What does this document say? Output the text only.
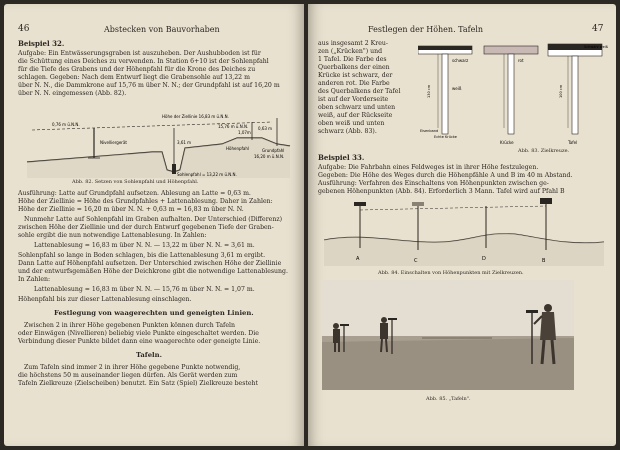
46	Abstecken von Bauvorhaben
Beispiel 32.
Aufgabe: Ein Entwässerungsgraben ist auszuheben. Der Aushubboden ist für
die Schüttung eines Deiches zu verwenden. In Station 6+10 ist der Sohlenpfahl
für die Tiefe des Grabens und der Höhenpfahl für die Krone des Deiches zu
schlagen. Gegeben: Nach dem Entwurf liegt die Grabensohle auf 13,22 m
über N. N., die Dammkrone auf 15,76 m über N. N.; der Grundpfahl ist auf 16,20 m
über N. N. eingemessen (Abb. 82).
Höhe der Ziellinie 16,83 m ü.N.N.
Nivelliergerät
0,76 m ü.N.N.
0,63 m
1,07m
3,61 m
Höhenpfahl
15,76 m ü.N.N.
Grundpfahl
16,20 m ü.N.N.
Sohlenpfahl = 13,22 m ü.N.N.
Abb. 82. Setzen von Sohlenpfahl und Höhenpfahl.
Ausführung: Latte auf Grundpfahl aufsetzen. Ablesung an Latte = 0,63 m.
Höhe der Ziellinie = Höhe des Grundpfahles + Lattenablesung. Daher in Zahlen:
Höhe der Ziellinie = 16,20 m über N. N. + 0,63 m = 16,83 m über N. N.
Nunmehr Latte auf Sohlenpfahl im Graben aufhalten. Der Unterschied (Differenz)
zwischen Höhe der Ziellinie und der durch Entwurf gegebenen Tiefe der Graben-
sohle ergibt die nun notwendige Lattenablesung. In Zahlen:
Lattenablesung = 16,83 m über N. N. — 13,22 m über N. N. = 3,61 m.
Sohlenpfahl so lange in Boden schlagen, bis die Lattenablesung 3,61 m ergibt.
Dann Latte auf Höhenpfahl aufsetzen. Der Unterschied zwischen Höhe der Ziellinie
und der entwurfsgemäßen Höhe der Deichkrone gibt die notwendige Lattenablesung.
In Zahlen:
Lattenablesung = 16,83 m über N. N. — 15,76 m über N. N. = 1,07 m.
Höhenpfahl bis zur dieser Lattenablesung einschlagen.
Festlegung von waagerechten und geneigten Linien.
Zwischen 2 in ihrer Höhe gegebenen Punkten können durch Tafeln
oder Einwägen (Nivellieren) beliebig viele Punkte eingeschaltet werden. Die
Verbindung dieser Punkte bildet dann eine waagerechte oder geneigte Linie.
Tafeln.
Zum Tafeln sind immer 2 in ihrer Höhe gegebene Punkte notwendig,
die höchstens 50 m auseinander liegen dürfen. Als Gerät werden zum
Tafeln Zielkreuze (Zielscheiben) benutzt. Ein Satz (Spiel) Zielkreuze besteht
Festlegen der Höhen. Tafeln	47
aus insgesamt 2 Kreu-
zen („Krücken") und
1 Tafel. Die Farbe des
Querbalkens der einen
Krücke ist schwarz, der
anderen rot. Die Farbe
des Querbalkens der Tafel
ist auf der Vorderseite
oben schwarz und unten
weiß, auf der Rückseite
oben weiß und unten
schwarz (Abb. 83).
schwarz	rot
weiß
Schwarz weiß
130 cm	100 cm
Eisenband
Echte Krücke
Krücke	Tafel
Abb. 83. Zielkreuze.
Beispiel 33.
Aufgabe: Die Fahrbahn eines Feldweges ist in ihrer Höhe festzulegen.
Gegeben: Die Höhe des Weges durch die Höhenpfähle A und B im 40 m Abstand.
Ausführung: Verfahren des Einschaltens von Höhenpunkten zwischen ge-
gebenen Höhenpunkten (Abb. 84). Erforderlich 3 Mann. Tafel wird auf Pfahl B
A	C	D	B
Abb. 84. Einschalten von Höhenpunkten mit Zielkreuzen.
Abb. 85. „Tafeln".
